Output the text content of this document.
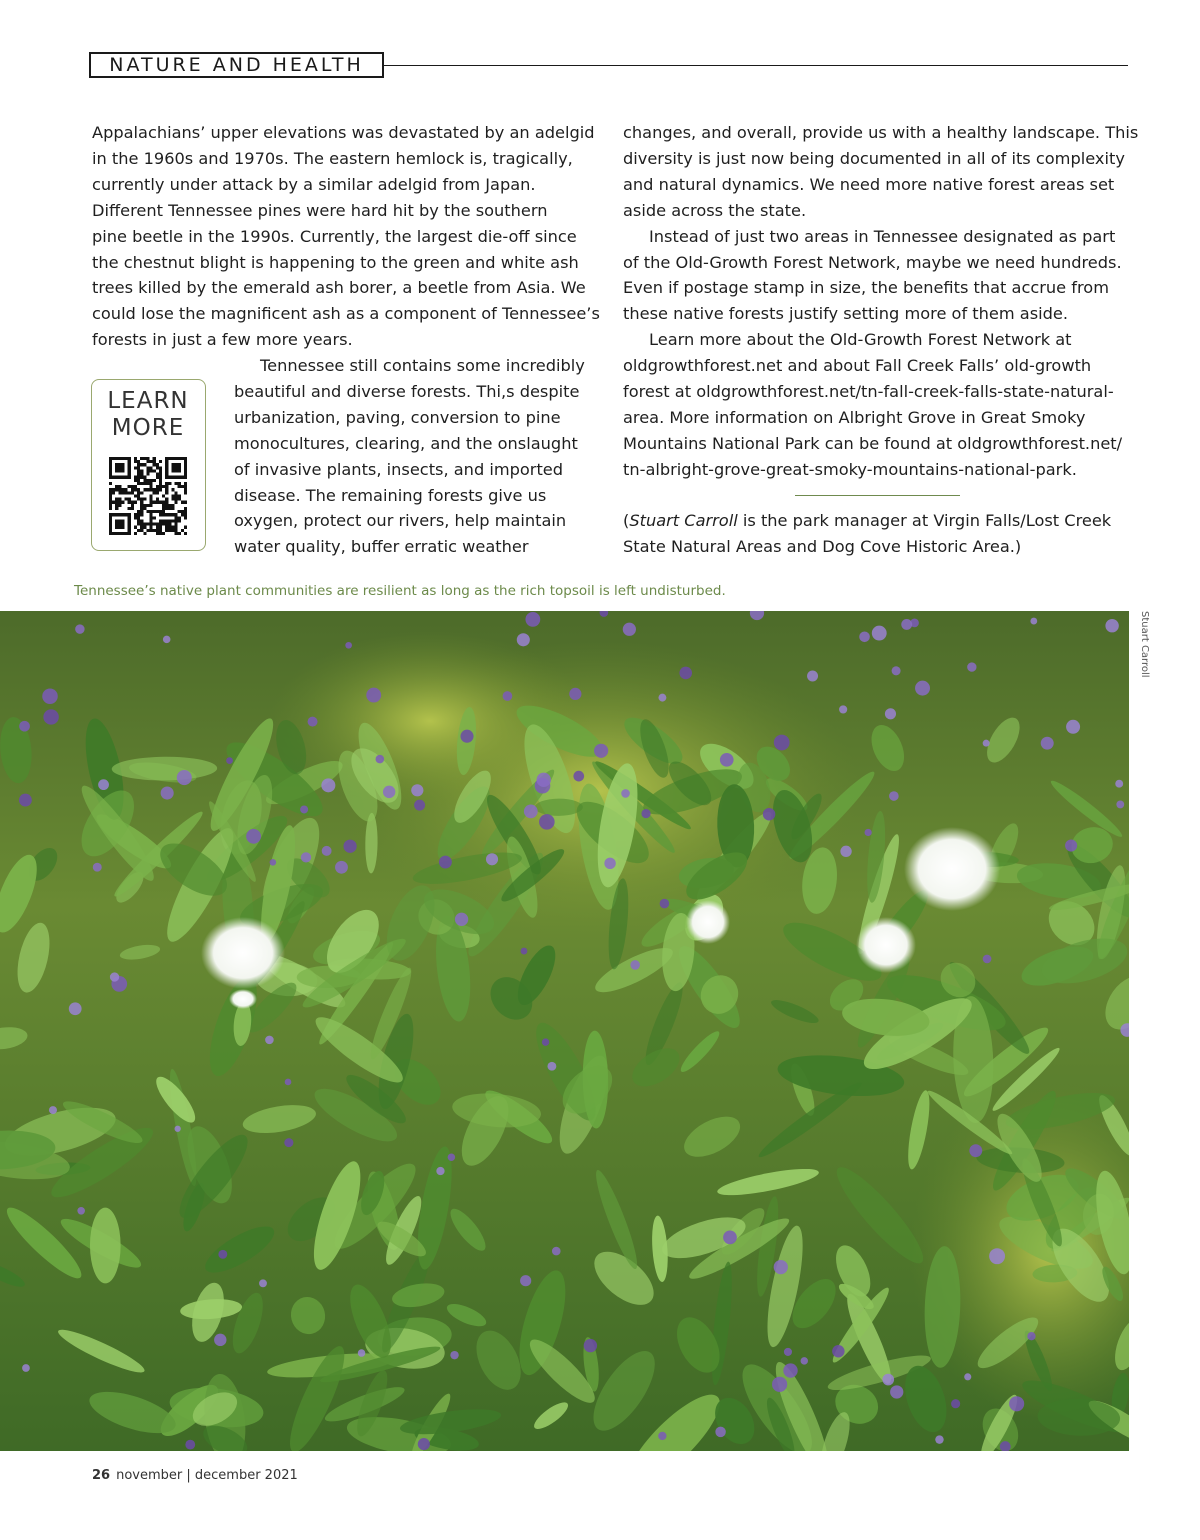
NATURE AND HEALTH

Appalachians’ upper elevations was devastated by an adelgid
in the 1960s and 1970s. The eastern hemlock is, tragically,
currently under attack by a similar adelgid from Japan.
Different Tennessee pines were hard hit by the southern
pine beetle in the 1990s. Currently, the largest die-off since
the chestnut blight is happening to the green and white ash
trees killed by the emerald ash borer, a beetle from Asia. We
could lose the magnificent ash as a component of Tennessee’s
forests in just a few more years.

LEARN
MORE

Tennessee still contains some incredibly
beautiful and diverse forests. Thi,s despite
urbanization, paving, conversion to pine
monocultures, clearing, and the onslaught
of invasive plants, insects, and imported
disease. The remaining forests give us
oxygen, protect our rivers, help maintain
water quality, buffer erratic weather

changes, and overall, provide us with a healthy landscape. This
diversity is just now being documented in all of its complexity
and natural dynamics. We need more native forest areas set
aside across the state.

Instead of just two areas in Tennessee designated as part
of the Old-Growth Forest Network, maybe we need hundreds.
Even if postage stamp in size, the benefits that accrue from
these native forests justify setting more of them aside.

Learn more about the Old-Growth Forest Network at
oldgrowthforest.net and about Fall Creek Falls’ old-growth
forest at oldgrowthforest.net/tn-fall-creek-falls-state-natural-
area. More information on Albright Grove in Great Smoky
Mountains National Park can be found at oldgrowthforest.net/
tn-albright-grove-great-smoky-mountains-national-park.

(Stuart Carroll is the park manager at Virgin Falls/Lost Creek
State Natural Areas and Dog Cove Historic Area.)

Tennessee’s native plant communities are resilient as long as the rich topsoil is left undisturbed.
Stuart Carroll
26 november | december 2021
